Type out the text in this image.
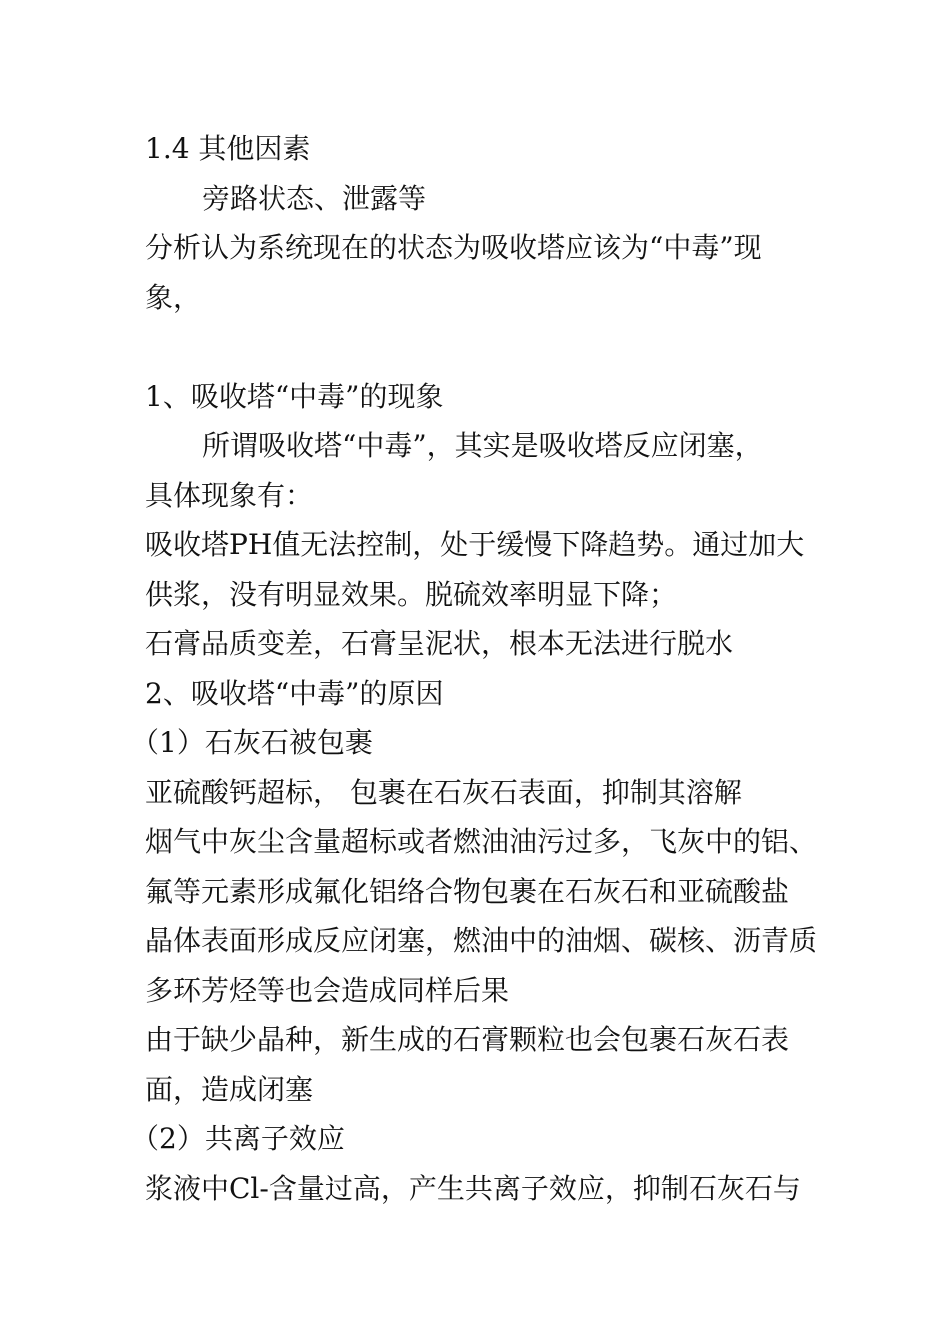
1.4 其他因素
旁路状态、泄露等
分析认为系统现在的状态为吸收塔应该为“中毒”现
象，
1、吸收塔“中毒”的现象
所谓吸收塔“中毒”，其实是吸收塔反应闭塞，
具体现象有：
吸收塔PH值无法控制，处于缓慢下降趋势。通过加大
供浆，没有明显效果。脱硫效率明显下降；
石膏品质变差，石膏呈泥状，根本无法进行脱水
2、吸收塔“中毒”的原因
（1）石灰石被包裹
亚硫酸钙超标， 包裹在石灰石表面，抑制其溶解
烟气中灰尘含量超标或者燃油油污过多，飞灰中的铝、
氟等元素形成氟化铝络合物包裹在石灰石和亚硫酸盐
晶体表面形成反应闭塞，燃油中的油烟、碳核、沥青质
多环芳烃等也会造成同样后果
由于缺少晶种，新生成的石膏颗粒也会包裹石灰石表
面，造成闭塞
（2）共离子效应
浆液中Cl-含量过高，产生共离子效应，抑制石灰石与
